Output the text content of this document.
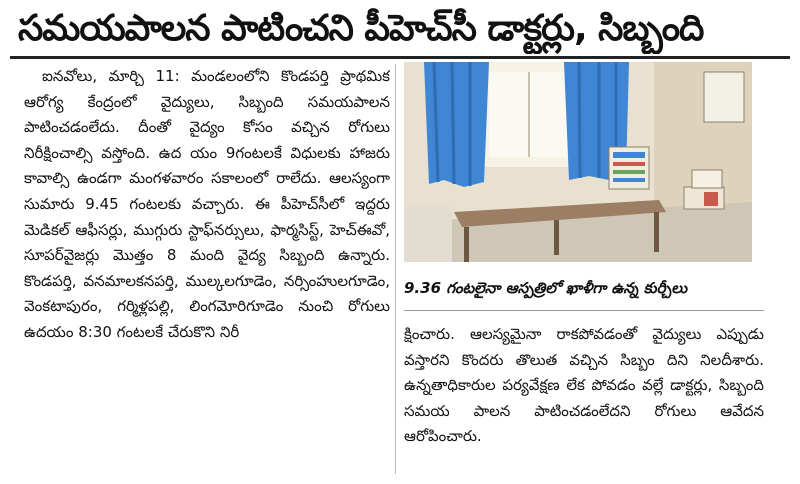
సమయపాలన పాటించని పీహెచ్‌సీ డాక్టర్లు, సిబ్బంది

ఐనవోలు, మార్చి 11: మండలంలోని కొండపర్తి ప్రాథమిక ఆరోగ్య కేంద్రంలో వైద్యులు, సిబ్బంది సమయపాలన పాటించడంలేదు. దీంతో వైద్యం కోసం వచ్చిన రోగులు నిరీక్షించాల్సి వస్తోంది. ఉద యం 9గంటలకే విధులకు హాజరు కావాల్సి ఉండగా మంగళవారం సకాలంలో రాలేదు. ఆలస్యంగా సుమారు 9.45 గంటలకు వచ్చారు. ఈ పీహెచ్‌సీలో ఇద్దరు మెడికల్ ఆఫీసర్లు, ముగ్గురు స్టాఫ్‌నర్సులు, ఫార్మసిస్ట్, హెచ్ఈవో, సూపర్‌వైజర్లు మొత్తం 8 మంది వైద్య సిబ్బంది ఉన్నారు. కొండపర్తి, వనమాలకనపర్తి, ముల్కలగూడెం, నర్సింహులగూడెం, వెంకటాపురం, గర్మిళ్లపల్లి, లింగమోరిగూడెం నుంచి రోగులు ఉదయం 8:30 గంటలకే చేరుకొని నిరీ

9.36 గంటలైనా ఆస్పత్రిలో ఖాళీగా ఉన్న కుర్చీలు

క్షించారు. ఆలస్యమైనా రాకపోవడంతో వైద్యులు ఎప్పుడు వస్తారని కొందరు తొలుత వచ్చిన సిబ్బం దిని నిలదీశారు. ఉన్నతాధికారుల పర్యవేక్షణ లేక పోవడం వల్లే డాక్టర్లు, సిబ్బంది సమయ పాలన పాటించడంలేదని రోగులు ఆవేదన ఆరోపించారు.
